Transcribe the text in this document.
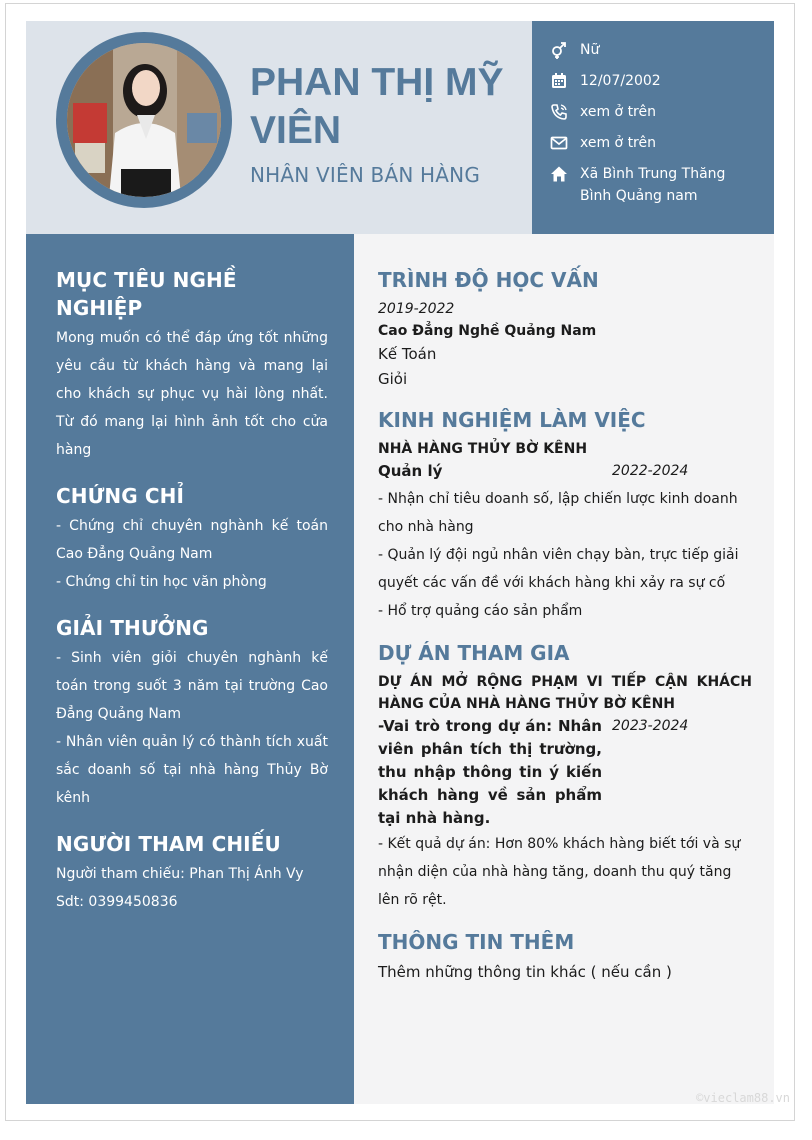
PHAN THỊ MỸ VIÊN
NHÂN VIÊN BÁN HÀNG
Nữ
12/07/2002
xem ở trên
xem ở trên
Xã Bình Trung Thăng Bình Quảng nam
MỤC TIÊU NGHỀ NGHIỆP
Mong muốn có thể đáp ứng tốt những yêu cầu từ khách hàng và mang lại cho khách sự phục vụ hài lòng nhất. Từ đó mang lại hình ảnh tốt cho cửa hàng
CHỨNG CHỈ
- Chứng chỉ chuyên nghành kế toán Cao Đẳng Quảng Nam
- Chứng chỉ tin học văn phòng
GIẢI THƯỞNG
- Sinh viên giỏi chuyên nghành kế toán trong suốt 3 năm tại trường Cao Đẳng Quảng Nam
- Nhân viên quản lý có thành tích xuất sắc doanh số tại nhà hàng Thủy Bờ kênh
NGƯỜI THAM CHIẾU
Người tham chiếu: Phan Thị Ánh Vy
Sdt: 0399450836
TRÌNH ĐỘ HỌC VẤN
2019-2022
Cao Đẳng Nghề Quảng Nam
Kế Toán
Giỏi
KINH NGHIỆM LÀM VIỆC
NHÀ HÀNG THỦY BỜ KÊNH
Quản lý	2022-2024
- Nhận chỉ tiêu doanh số, lập chiến lược kinh doanh cho nhà hàng
- Quản lý đội ngủ nhân viên chạy bàn, trực tiếp giải quyết các vấn đề với khách hàng khi xảy ra sự cố
- Hổ trợ quảng cáo sản phẩm
DỰ ÁN THAM GIA
DỰ ÁN MỞ RỘNG PHẠM VI TIẾP CẬN KHÁCH HÀNG CỦA NHÀ HÀNG THỦY BỜ KÊNH
-Vai trò trong dự án: Nhân viên phân tích thị trường, thu nhập thông tin ý kiến khách hàng về sản phẩm tại nhà hàng.
2023-2024
- Kết quả dự án: Hơn 80% khách hàng biết tới và sự nhận diện của nhà hàng tăng, doanh thu quý tăng lên rõ rệt.
THÔNG TIN THÊM
Thêm những thông tin khác ( nếu cần )
©vieclam88.vn
